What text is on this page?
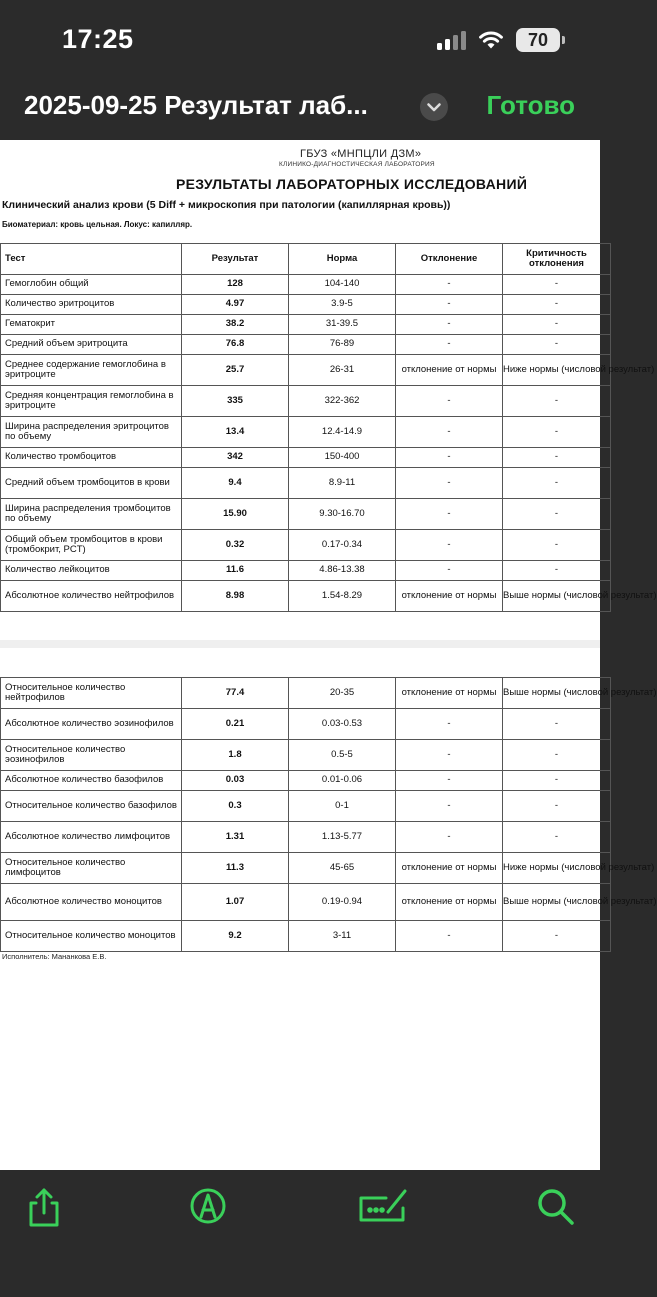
17:25	70
2025-09-25 Результат лаб...	Готово
ГБУЗ «МНПЦЛИ ДЗМ»
КЛИНИКО-ДИАГНОСТИЧЕСКАЯ ЛАБОРАТОРИЯ
РЕЗУЛЬТАТЫ ЛАБОРАТОРНЫХ ИССЛЕДОВАНИЙ
Клинический анализ крови (5 Diff + микроскопия при патологии (капиллярная кровь))
Биоматериал: кровь цельная. Локус: капилляр.
Тест	Результат	Норма	Отклонение	Критичность отклонения
Гемоглобин общий	128	104-140	-	-
Количество эритроцитов	4.97	3.9-5	-	-
Гематокрит	38.2	31-39.5	-	-
Средний объем эритроцита	76.8	76-89	-	-
Среднее содержание гемоглобина в эритроците	25.7	26-31	отклонение от нормы	Ниже нормы (числовой результат)
Средняя концентрация гемоглобина в эритроците	335	322-362	-	-
Ширина распределения эритроцитов по объему	13.4	12.4-14.9	-	-
Количество тромбоцитов	342	150-400	-	-
Средний объем тромбоцитов в крови	9.4	8.9-11	-	-
Ширина распределения тромбоцитов по объему	15.90	9.30-16.70	-	-
Общий объем тромбоцитов в крови (тромбокрит, PCT)	0.32	0.17-0.34	-	-
Количество лейкоцитов	11.6	4.86-13.38	-	-
Абсолютное количество нейтрофилов	8.98	1.54-8.29	отклонение от нормы	Выше нормы (числовой результат)
Относительное количество нейтрофилов	77.4	20-35	отклонение от нормы	Выше нормы (числовой результат)
Абсолютное количество эозинофилов	0.21	0.03-0.53	-	-
Относительное количество эозинофилов	1.8	0.5-5	-	-
Абсолютное количество базофилов	0.03	0.01-0.06	-	-
Относительное количество базофилов	0.3	0-1	-	-
Абсолютное количество лимфоцитов	1.31	1.13-5.77	-	-
Относительное количество лимфоцитов	11.3	45-65	отклонение от нормы	Ниже нормы (числовой результат)
Абсолютное количество моноцитов	1.07	0.19-0.94	отклонение от нормы	Выше нормы (числовой результат)
Относительное количество моноцитов	9.2	3-11	-	-
Исполнитель: Мананкова Е.В.
